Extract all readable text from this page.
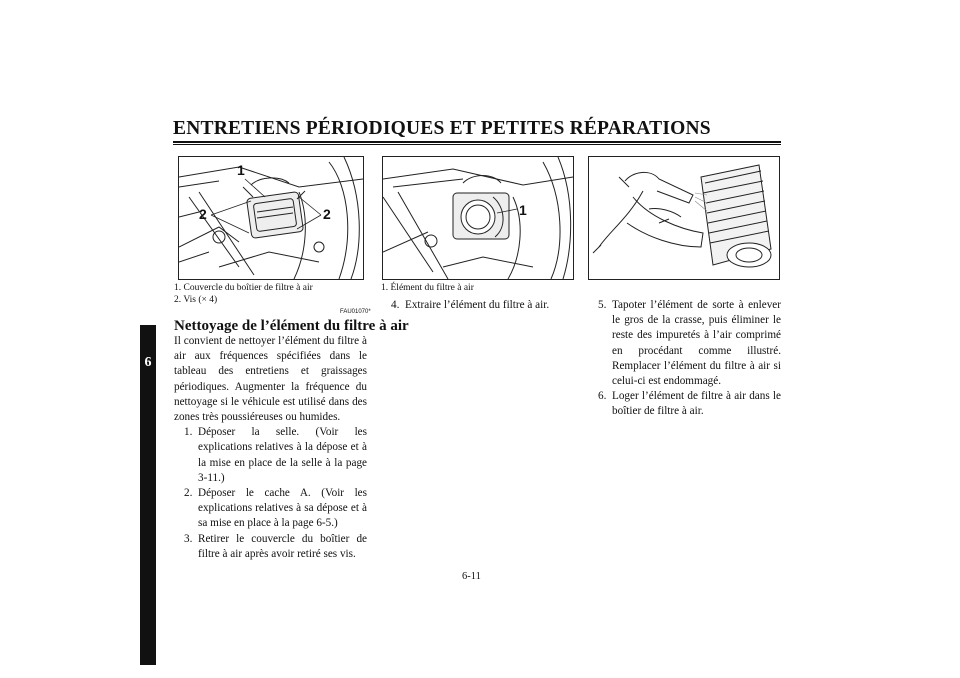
ENTRETIENS PÉRIODIQUES ET PETITES RÉPARATIONS
6
1
2	2	1
1. Couvercle du boîtier de filtre à air
2. Vis (× 4)
1. Élément du filtre à air
FAU01070*
Nettoyage de l’élément du filtre à air

Il convient de nettoyer l’élément du filtre à air aux fréquences spécifiées dans le tableau des entretiens et graissages périodiques. Augmenter la fréquence du nettoyage si le véhicule est utilisé dans des zones très poussiéreuses ou humides.

1. Déposer la selle. (Voir les explications relatives à la dépose et à la mise en place de la selle à la page 3-11.)
2. Déposer le cache A. (Voir les explications relatives à sa dépose et à sa mise en place à la page 6-5.)
3. Retirer le couvercle du boîtier de filtre à air après avoir retiré ses vis.
4. Extraire l’élément du filtre à air.	5. Tapoter l’élément de sorte à enlever le gros de la crasse, puis éliminer le reste des impuretés à l’air comprimé en procédant comme illustré. Remplacer l’élément du filtre à air si celui-ci est endommagé.
6. Loger l’élément de filtre à air dans le boîtier de filtre à air.
6-11
